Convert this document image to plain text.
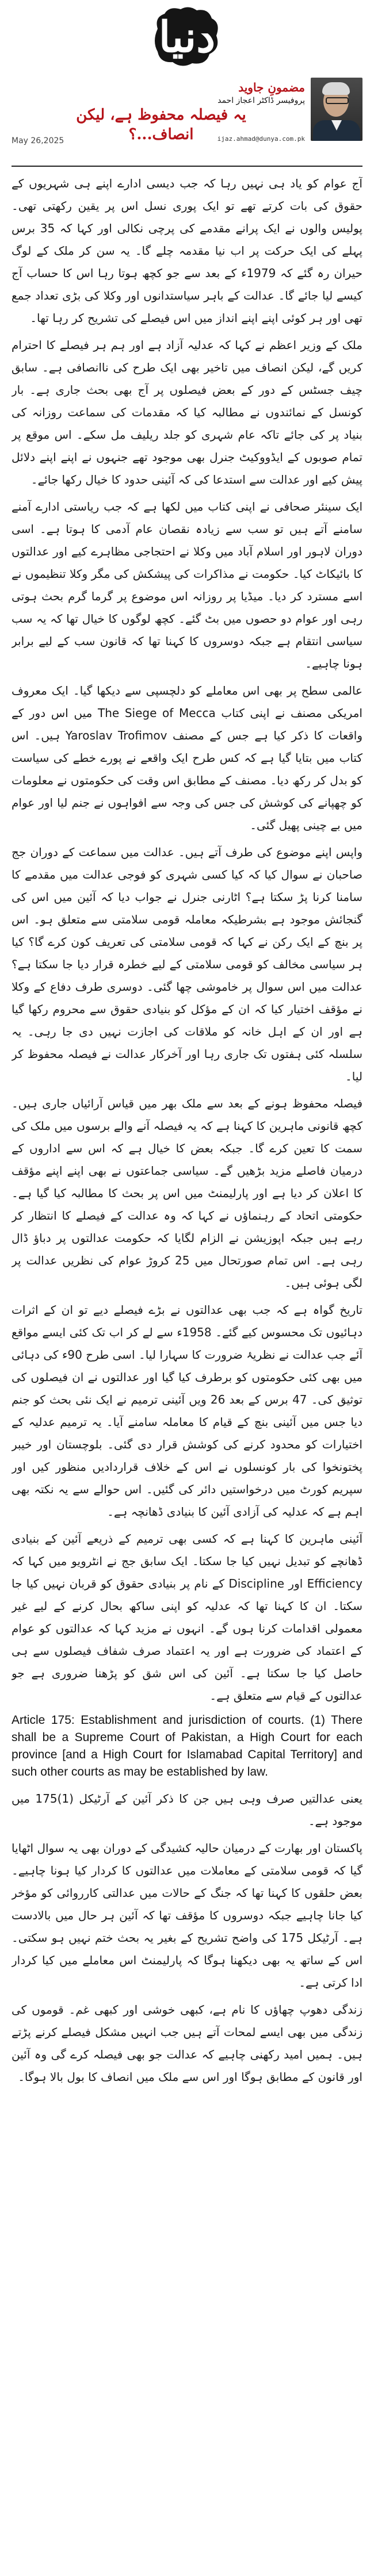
دنیا
مضمونِ جاوید
پروفیسر ڈاکٹر اعجاز احمد
ijaz.ahmad@dunya.com.pk
یہ فیصلہ محفوظ ہے، لیکن انصاف...؟
May 26,2025

آج عوام کو یاد ہی نہیں رہا کہ جب دیسی ادارے اپنے ہی شہریوں کے حقوق کی بات کرتے تھے تو ایک پوری نسل اس پر یقین رکھتی تھی۔ پولیس والوں نے ایک پرانے مقدمے کی پرچی نکالی اور کہا کہ 35 برس پہلے کی ایک حرکت پر اب نیا مقدمہ چلے گا۔ یہ سن کر ملک کے لوگ حیران رہ گئے کہ 1979ء کے بعد سے جو کچھ ہوتا رہا اس کا حساب آج کیسے لیا جائے گا۔ عدالت کے باہر سیاستدانوں اور وکلا کی بڑی تعداد جمع تھی اور ہر کوئی اپنے اپنے انداز میں اس فیصلے کی تشریح کر رہا تھا۔

ملک کے وزیر اعظم نے کہا کہ عدلیہ آزاد ہے اور ہم ہر فیصلے کا احترام کریں گے، لیکن انصاف میں تاخیر بھی ایک طرح کی ناانصافی ہے۔ سابق چیف جسٹس کے دور کے بعض فیصلوں پر آج بھی بحث جاری ہے۔ بار کونسل کے نمائندوں نے مطالبہ کیا کہ مقدمات کی سماعت روزانہ کی بنیاد پر کی جائے تاکہ عام شہری کو جلد ریلیف مل سکے۔ اس موقع پر تمام صوبوں کے ایڈووکیٹ جنرل بھی موجود تھے جنہوں نے اپنے اپنے دلائل پیش کیے اور عدالت سے استدعا کی کہ آئینی حدود کا خیال رکھا جائے۔

ایک سینئر صحافی نے اپنی کتاب میں لکھا ہے کہ جب ریاستی ادارے آمنے سامنے آتے ہیں تو سب سے زیادہ نقصان عام آدمی کا ہوتا ہے۔ اسی دوران لاہور اور اسلام آباد میں وکلا نے احتجاجی مظاہرے کیے اور عدالتوں کا بائیکاٹ کیا۔ حکومت نے مذاکرات کی پیشکش کی مگر وکلا تنظیموں نے اسے مسترد کر دیا۔ میڈیا پر روزانہ اس موضوع پر گرما گرم بحث ہوتی رہی اور عوام دو حصوں میں بٹ گئے۔ کچھ لوگوں کا خیال تھا کہ یہ سب سیاسی انتقام ہے جبکہ دوسروں کا کہنا تھا کہ قانون سب کے لیے برابر ہونا چاہیے۔

عالمی سطح پر بھی اس معاملے کو دلچسپی سے دیکھا گیا۔ ایک معروف امریکی مصنف نے اپنی کتاب The Siege of Mecca میں اس دور کے واقعات کا ذکر کیا ہے جس کے مصنف Yaroslav Trofimov ہیں۔ اس کتاب میں بتایا گیا ہے کہ کس طرح ایک واقعے نے پورے خطے کی سیاست کو بدل کر رکھ دیا۔ مصنف کے مطابق اس وقت کی حکومتوں نے معلومات کو چھپانے کی کوشش کی جس کی وجہ سے افواہوں نے جنم لیا اور عوام میں بے چینی پھیل گئی۔

واپس اپنے موضوع کی طرف آتے ہیں۔ عدالت میں سماعت کے دوران جج صاحبان نے سوال کیا کہ کیا کسی شہری کو فوجی عدالت میں مقدمے کا سامنا کرنا پڑ سکتا ہے؟ اٹارنی جنرل نے جواب دیا کہ آئین میں اس کی گنجائش موجود ہے بشرطیکہ معاملہ قومی سلامتی سے متعلق ہو۔ اس پر بنچ کے ایک رکن نے کہا کہ قومی سلامتی کی تعریف کون کرے گا؟ کیا ہر سیاسی مخالف کو قومی سلامتی کے لیے خطرہ قرار دیا جا سکتا ہے؟ عدالت میں اس سوال پر خاموشی چھا گئی۔ دوسری طرف دفاع کے وکلا نے مؤقف اختیار کیا کہ ان کے مؤکل کو بنیادی حقوق سے محروم رکھا گیا ہے اور ان کے اہل خانہ کو ملاقات کی اجازت نہیں دی جا رہی۔ یہ سلسلہ کئی ہفتوں تک جاری رہا اور آخرکار عدالت نے فیصلہ محفوظ کر لیا۔

فیصلہ محفوظ ہونے کے بعد سے ملک بھر میں قیاس آرائیاں جاری ہیں۔ کچھ قانونی ماہرین کا کہنا ہے کہ یہ فیصلہ آنے والے برسوں میں ملک کی سمت کا تعین کرے گا۔ جبکہ بعض کا خیال ہے کہ اس سے اداروں کے درمیان فاصلے مزید بڑھیں گے۔ سیاسی جماعتوں نے بھی اپنے اپنے مؤقف کا اعلان کر دیا ہے اور پارلیمنٹ میں اس پر بحث کا مطالبہ کیا گیا ہے۔ حکومتی اتحاد کے رہنماؤں نے کہا کہ وہ عدالت کے فیصلے کا انتظار کر رہے ہیں جبکہ اپوزیشن نے الزام لگایا کہ حکومت عدالتوں پر دباؤ ڈال رہی ہے۔ اس تمام صورتحال میں 25 کروڑ عوام کی نظریں عدالت پر لگی ہوئی ہیں۔

تاریخ گواہ ہے کہ جب بھی عدالتوں نے بڑے فیصلے دیے تو ان کے اثرات دہائیوں تک محسوس کیے گئے۔ 1958ء سے لے کر اب تک کئی ایسے مواقع آئے جب عدالت نے نظریۂ ضرورت کا سہارا لیا۔ اسی طرح 90ء کی دہائی میں بھی کئی حکومتوں کو برطرف کیا گیا اور عدالتوں نے ان فیصلوں کی توثیق کی۔ 47 برس کے بعد 26 ویں آئینی ترمیم نے ایک نئی بحث کو جنم دیا جس میں آئینی بنچ کے قیام کا معاملہ سامنے آیا۔ یہ ترمیم عدلیہ کے اختیارات کو محدود کرنے کی کوشش قرار دی گئی۔ بلوچستان اور خیبر پختونخوا کی بار کونسلوں نے اس کے خلاف قراردادیں منظور کیں اور سپریم کورٹ میں درخواستیں دائر کی گئیں۔ اس حوالے سے یہ نکتہ بھی اہم ہے کہ عدلیہ کی آزادی آئین کا بنیادی ڈھانچہ ہے۔

آئینی ماہرین کا کہنا ہے کہ کسی بھی ترمیم کے ذریعے آئین کے بنیادی ڈھانچے کو تبدیل نہیں کیا جا سکتا۔ ایک سابق جج نے انٹرویو میں کہا کہ Efficiency اور Discipline کے نام پر بنیادی حقوق کو قربان نہیں کیا جا سکتا۔ ان کا کہنا تھا کہ عدلیہ کو اپنی ساکھ بحال کرنے کے لیے غیر معمولی اقدامات کرنا ہوں گے۔ انہوں نے مزید کہا کہ عدالتوں کو عوام کے اعتماد کی ضرورت ہے اور یہ اعتماد صرف شفاف فیصلوں سے ہی حاصل کیا جا سکتا ہے۔ آئین کی اس شق کو پڑھنا ضروری ہے جو عدالتوں کے قیام سے متعلق ہے۔

Article 175: Establishment and jurisdiction of courts. (1) There shall be a Supreme Court of Pakistan, a High Court for each province [and a High Court for Islamabad Capital Territory] and such other courts as may be established by law.

یعنی عدالتیں صرف وہی ہیں جن کا ذکر آئین کے آرٹیکل (1)175 میں موجود ہے۔

پاکستان اور بھارت کے درمیان حالیہ کشیدگی کے دوران بھی یہ سوال اٹھایا گیا کہ قومی سلامتی کے معاملات میں عدالتوں کا کردار کیا ہونا چاہیے۔ بعض حلقوں کا کہنا تھا کہ جنگ کے حالات میں عدالتی کارروائی کو مؤخر کیا جانا چاہیے جبکہ دوسروں کا مؤقف تھا کہ آئین ہر حال میں بالادست ہے۔ آرٹیکل 175 کی واضح تشریح کے بغیر یہ بحث ختم نہیں ہو سکتی۔ اس کے ساتھ یہ بھی دیکھنا ہوگا کہ پارلیمنٹ اس معاملے میں کیا کردار ادا کرتی ہے۔

زندگی دھوپ چھاؤں کا نام ہے، کبھی خوشی اور کبھی غم۔ قوموں کی زندگی میں بھی ایسے لمحات آتے ہیں جب انہیں مشکل فیصلے کرنے پڑتے ہیں۔ ہمیں امید رکھنی چاہیے کہ عدالت جو بھی فیصلہ کرے گی وہ آئین اور قانون کے مطابق ہوگا اور اس سے ملک میں انصاف کا بول بالا ہوگا۔
